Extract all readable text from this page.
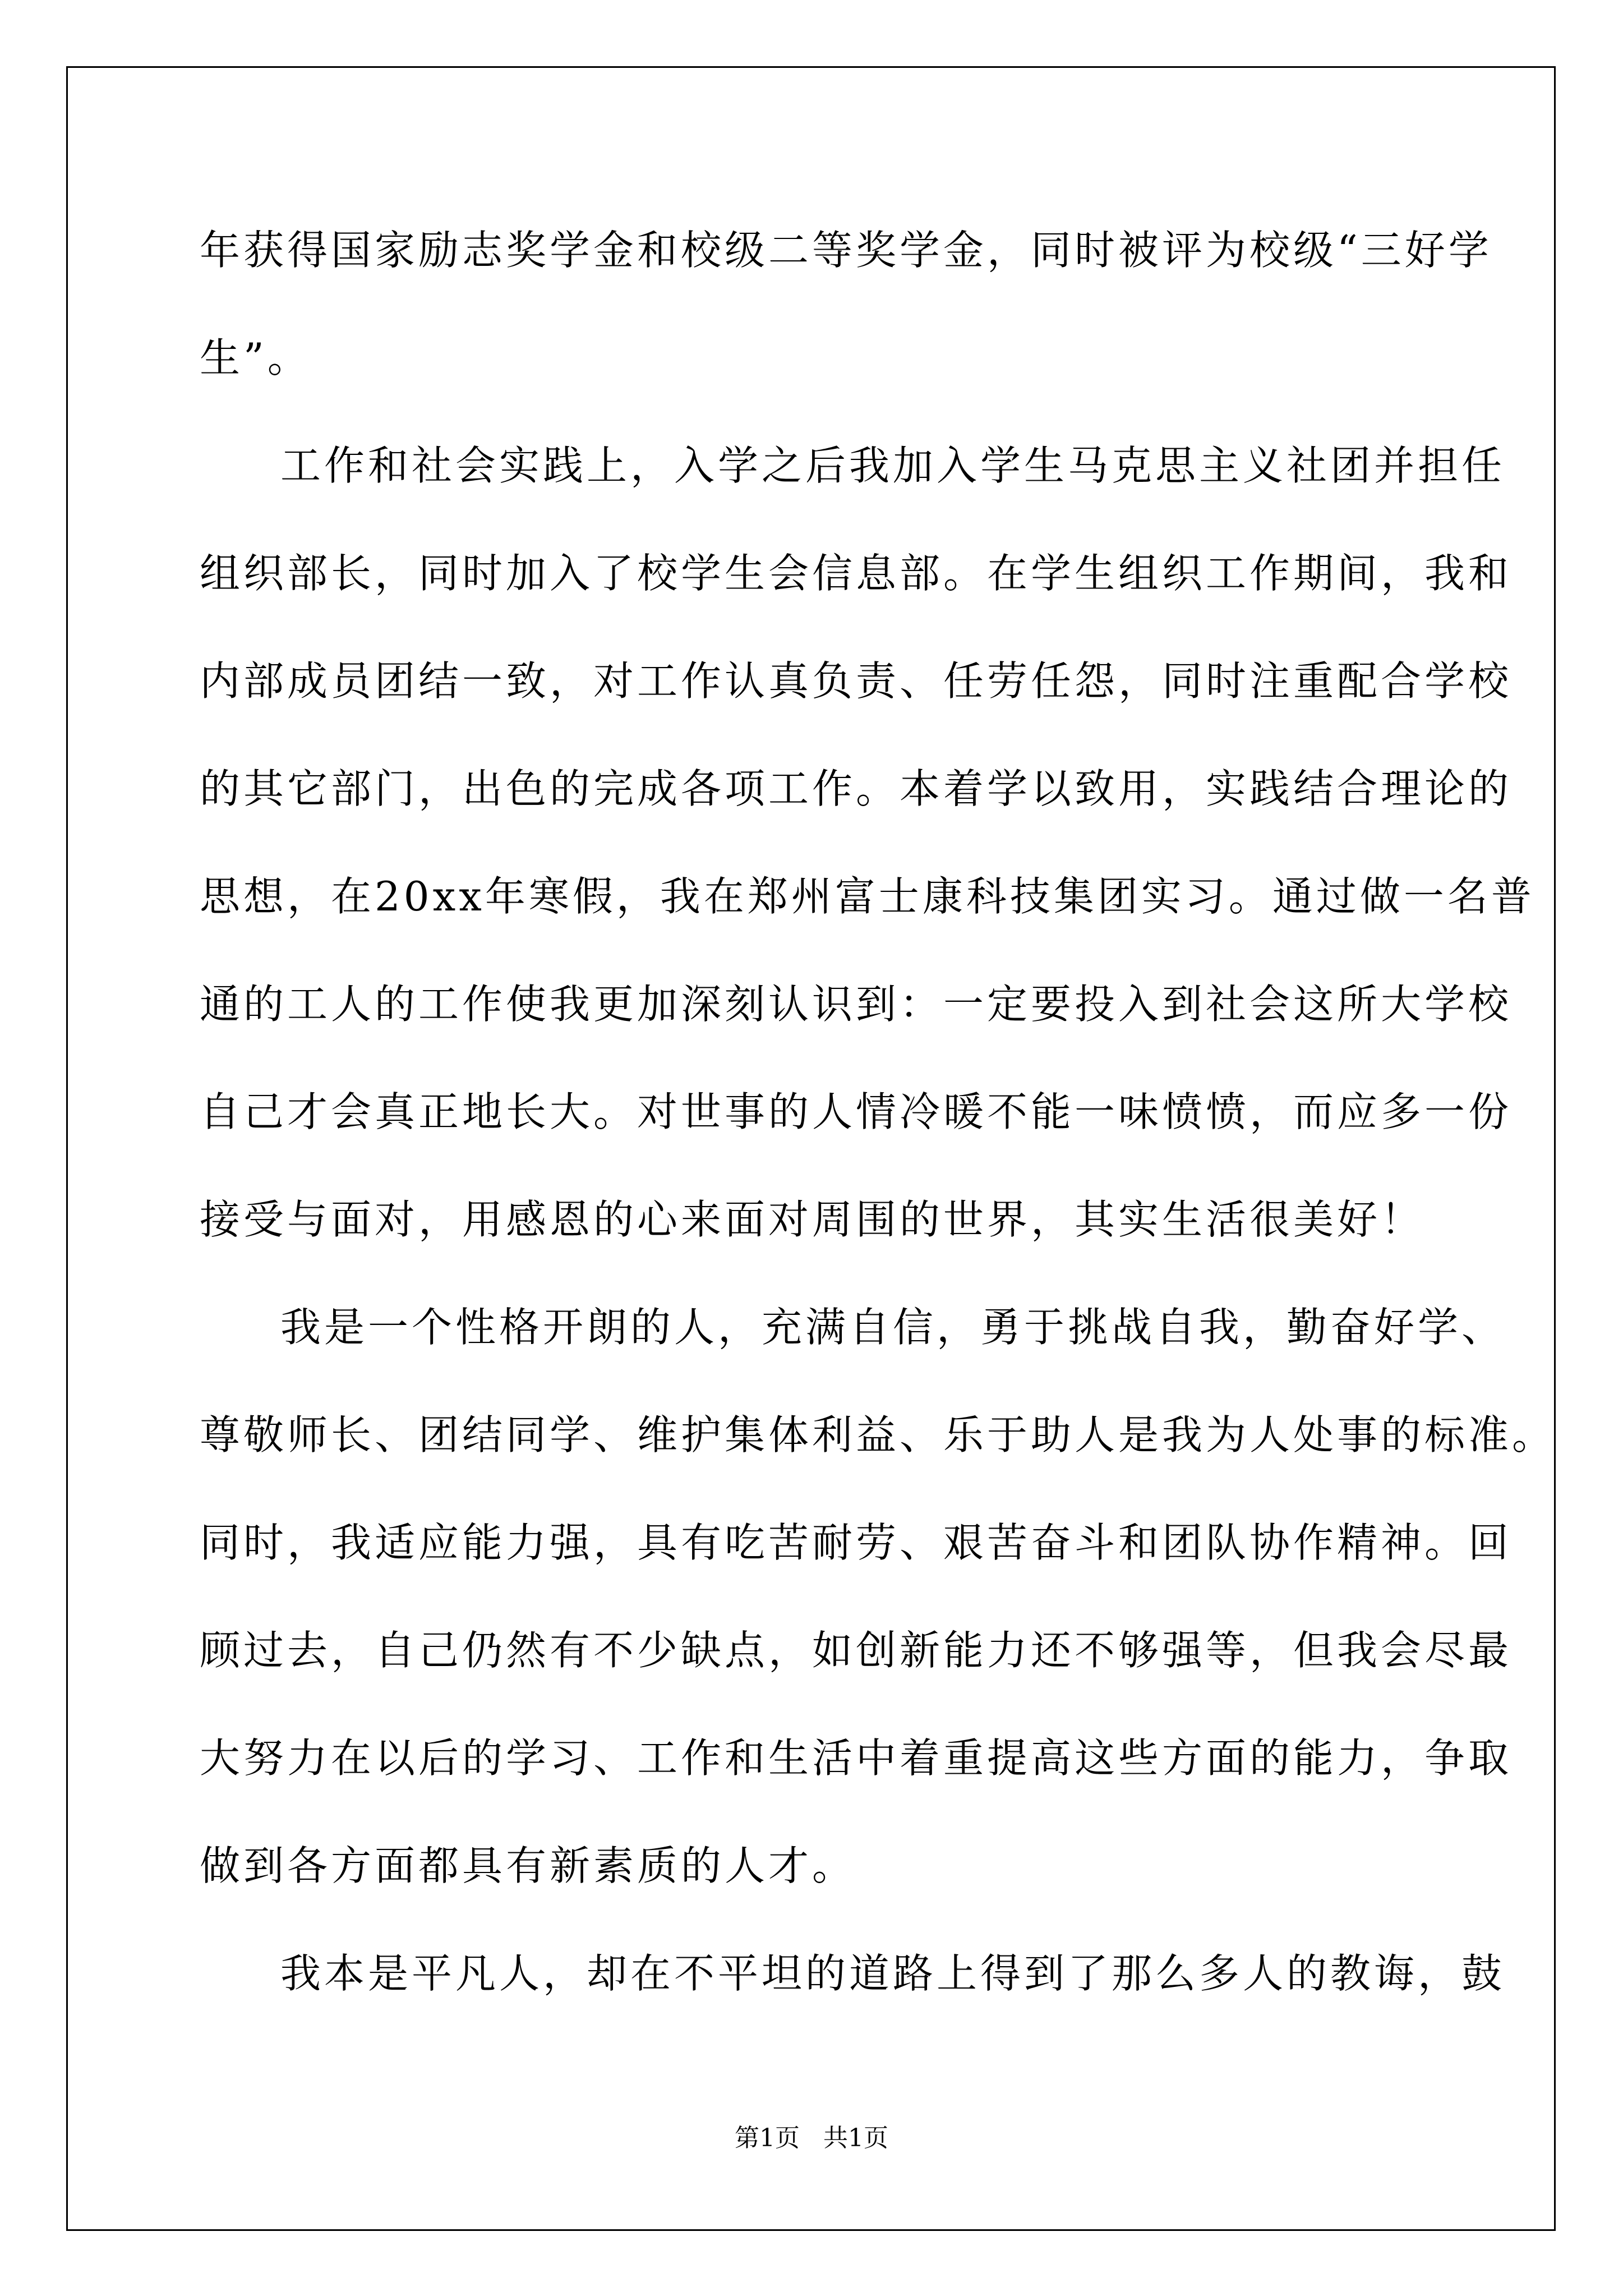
年获得国家励志奖学金和校级二等奖学金，同时被评为校级“三好学

生”。

工作和社会实践上，入学之后我加入学生马克思主义社团并担任

组织部长，同时加入了校学生会信息部。在学生组织工作期间，我和

内部成员团结一致，对工作认真负责、任劳任怨，同时注重配合学校

的其它部门，出色的完成各项工作。本着学以致用，实践结合理论的

思想，在20xx年寒假，我在郑州富士康科技集团实习。通过做一名普

通的工人的工作使我更加深刻认识到：一定要投入到社会这所大学校

自己才会真正地长大。对世事的人情冷暖不能一味愤愤，而应多一份

接受与面对，用感恩的心来面对周围的世界，其实生活很美好！

我是一个性格开朗的人，充满自信，勇于挑战自我，勤奋好学、

尊敬师长、团结同学、维护集体利益、乐于助人是我为人处事的标准。

同时，我适应能力强，具有吃苦耐劳、艰苦奋斗和团队协作精神。回

顾过去，自己仍然有不少缺点，如创新能力还不够强等，但我会尽最

大努力在以后的学习、工作和生活中着重提高这些方面的能力，争取

做到各方面都具有新素质的人才。

我本是平凡人，却在不平坦的道路上得到了那么多人的教诲，鼓

第1页   共1页
